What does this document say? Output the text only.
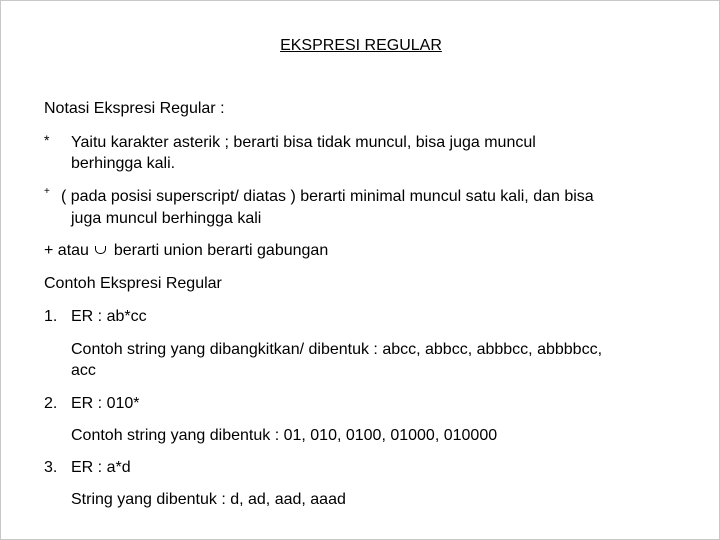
EKSPRESI REGULAR
Notasi Ekspresi Regular :
* Yaitu karakter asterik ; berarti bisa tidak muncul, bisa juga muncul
berhingga kali.
+ ( pada posisi superscript/ diatas ) berarti minimal muncul satu kali, dan bisa
juga muncul berhingga kali
+ atau berarti union berarti gabungan
Contoh Ekspresi Regular
1. ER : ab*cc
Contoh string yang dibangkitkan/ dibentuk : abcc, abbcc, abbbcc, abbbbcc,
acc
2. ER : 010*
Contoh string yang dibentuk : 01, 010, 0100, 01000, 010000
3. ER : a*d
String yang dibentuk : d, ad, aad, aaad
